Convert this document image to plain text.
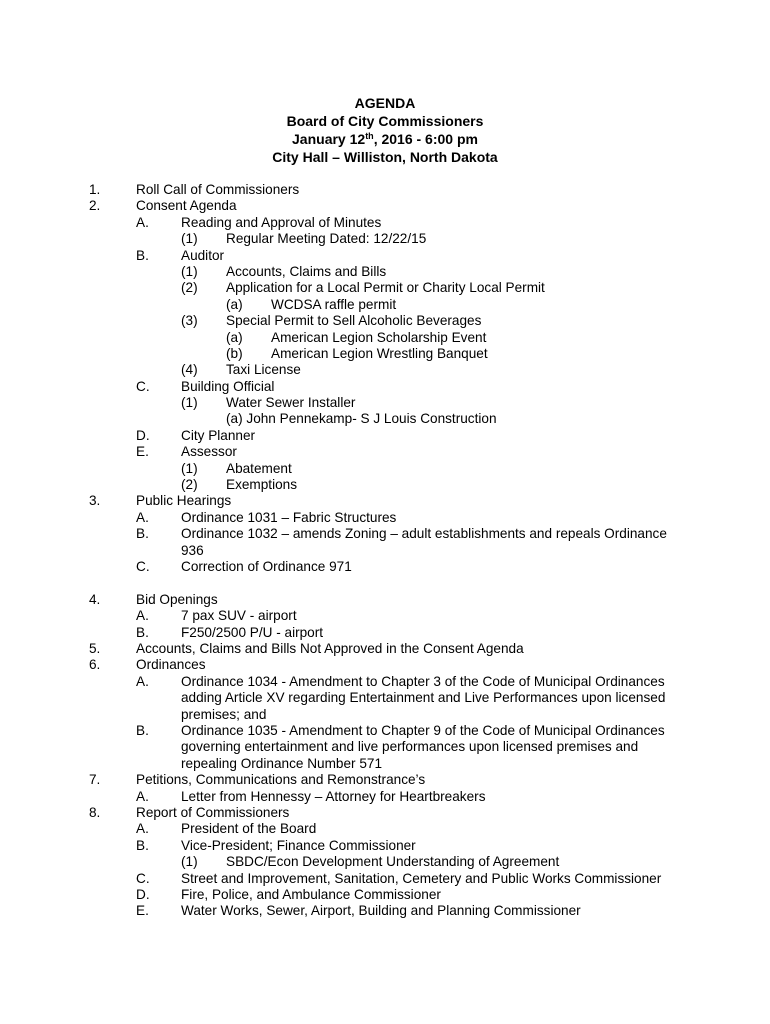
AGENDA
Board of City Commissioners
January 12th, 2016 - 6:00 pm
City Hall – Williston, North Dakota
1.	Roll Call of Commissioners
2.	Consent Agenda
A. Reading and Approval of Minutes
(1) Regular Meeting Dated: 12/22/15
B. Auditor
(1) Accounts, Claims and Bills
(2) Application for a Local Permit or Charity Local Permit
(a) WCDSA raffle permit
(3) Special Permit to Sell Alcoholic Beverages
(a) American Legion Scholarship Event
(b) American Legion Wrestling Banquet
(4) Taxi License
C. Building Official
(1) Water Sewer Installer
(a) John Pennekamp- S J Louis Construction
D. City Planner
E. Assessor
(1) Abatement
(2) Exemptions
3.	Public Hearings
A. Ordinance 1031 – Fabric Structures
B. Ordinance 1032 – amends Zoning – adult establishments and repeals Ordinance 936
C. Correction of Ordinance 971
4.	Bid Openings
A. 7 pax SUV - airport
B. F250/2500 P/U - airport
5.	Accounts, Claims and Bills Not Approved in the Consent Agenda
6.	Ordinances
A. Ordinance 1034 - Amendment to Chapter 3 of the Code of Municipal Ordinances adding Article XV regarding Entertainment and Live Performances upon licensed premises; and
B. Ordinance 1035 - Amendment to Chapter 9 of the Code of Municipal Ordinances governing entertainment and live performances upon licensed premises and repealing Ordinance Number 571
7.	Petitions, Communications and Remonstrance’s
A. Letter from Hennessy – Attorney for Heartbreakers
8.	Report of Commissioners
A. President of the Board
B. Vice-President; Finance Commissioner
(1) SBDC/Econ Development Understanding of Agreement
C. Street and Improvement, Sanitation, Cemetery and Public Works Commissioner
D. Fire, Police, and Ambulance Commissioner
E. Water Works, Sewer, Airport, Building and Planning Commissioner
